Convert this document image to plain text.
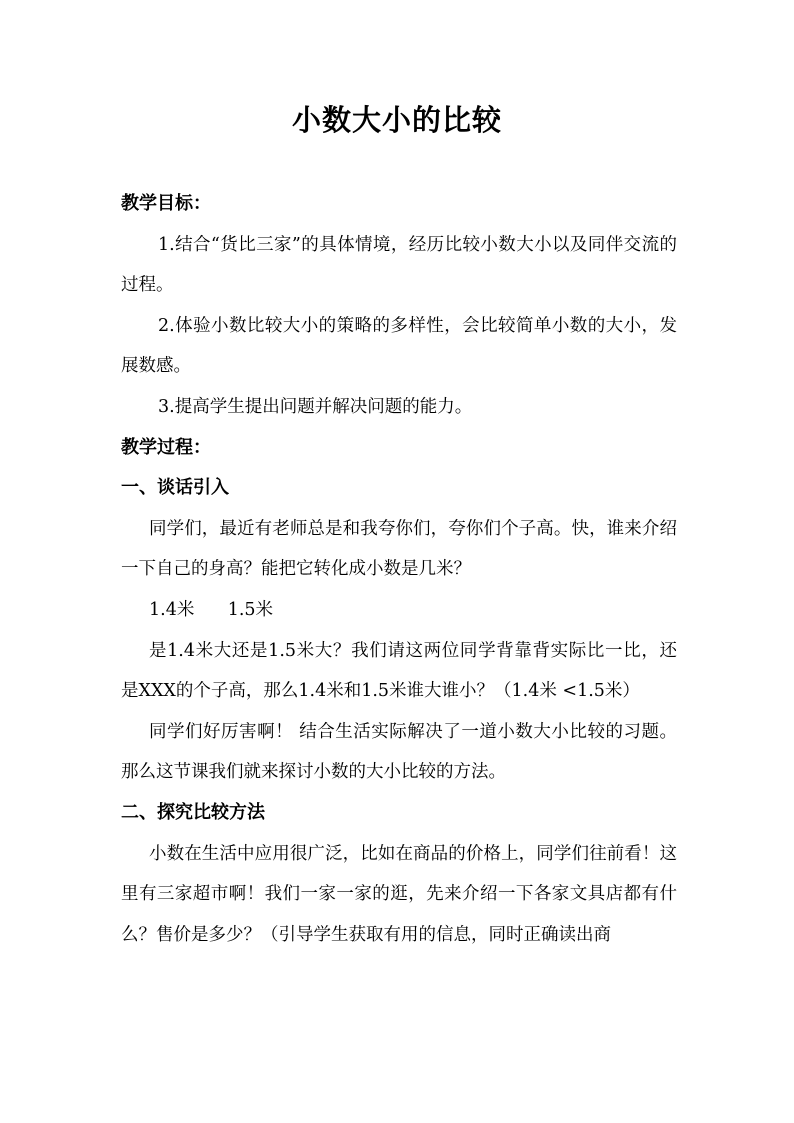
小数大小的比较

教学目标：

1.结合“货比三家”的具体情境，经历比较小数大小以及同伴交流的过程。

2.体验小数比较大小的策略的多样性，会比较简单小数的大小，发展数感。

3.提高学生提出问题并解决问题的能力。

教学过程：

一、谈话引入

同学们，最近有老师总是和我夸你们，夸你们个子高。快，谁来介绍一下自己的身高？能把它转化成小数是几米？

1.4米      1.5米

是1.4米大还是1.5米大？我们请这两位同学背靠背实际比一比，还是XXX的个子高，那么1.4米和1.5米谁大谁小？（1.4米 <1.5米）

同学们好厉害啊！ 结合生活实际解决了一道小数大小比较的习题。 那么这节课我们就来探讨小数的大小比较的方法。

二、探究比较方法

小数在生活中应用很广泛，比如在商品的价格上，同学们往前看！这里有三家超市啊！我们一家一家的逛，先来介绍一下各家文具店都有什么？售价是多少？（引导学生获取有用的信息，同时正确读出商
